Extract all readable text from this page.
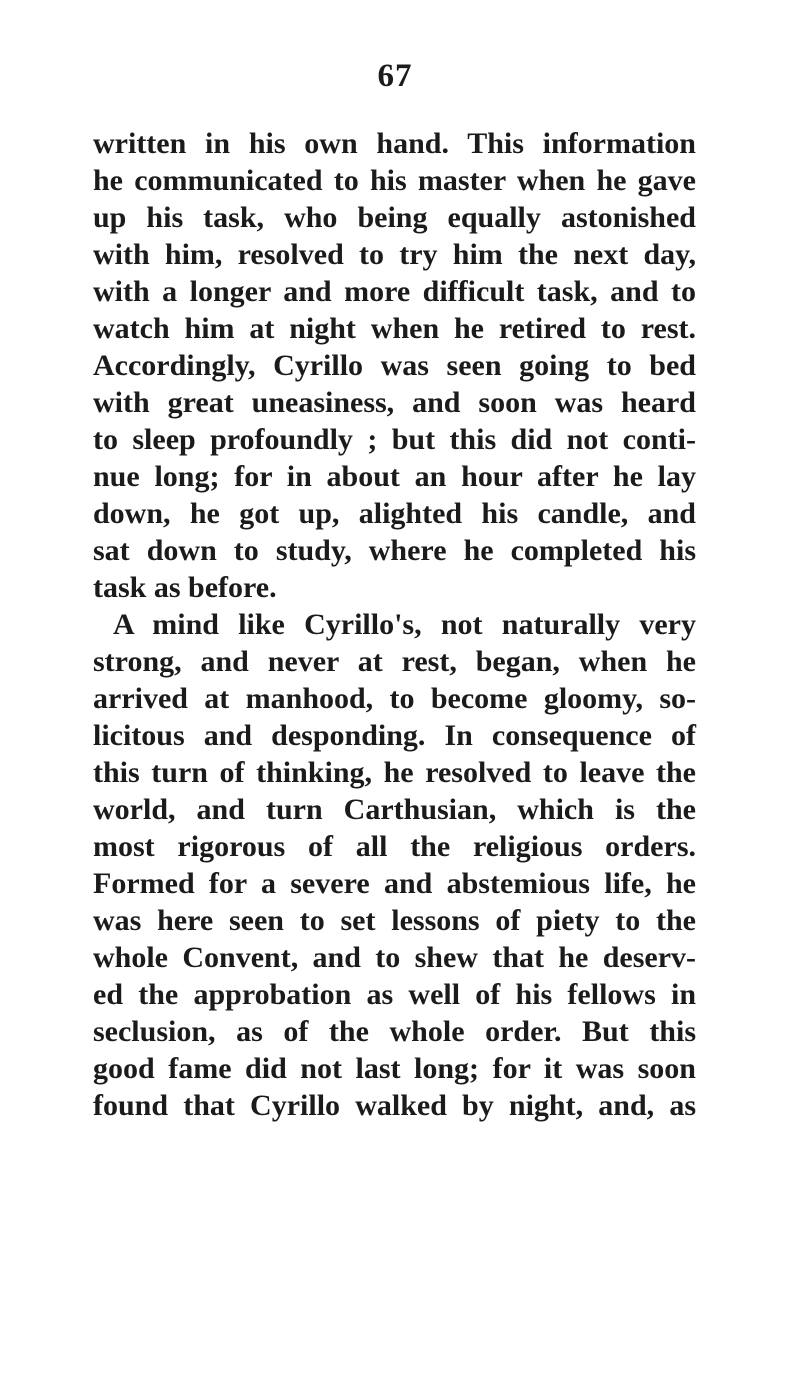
67
written in his own hand. This information
he communicated to his master when he gave
up his task, who being equally astonished
with him, resolved to try him the next day,
with a longer and more difficult task, and to
watch him at night when he retired to rest.
Accordingly, Cyrillo was seen going to bed
with great uneasiness, and soon was heard
to sleep profoundly ; but this did not conti-
nue long; for in about an hour after he lay
down, he got up, alighted his candle, and
sat down to study, where he completed his
task as before.
A mind like Cyrillo's, not naturally very
strong, and never at rest, began, when he
arrived at manhood, to become gloomy, so-
licitous and desponding. In consequence of
this turn of thinking, he resolved to leave the
world, and turn Carthusian, which is the
most rigorous of all the religious orders.
Formed for a severe and abstemious life, he
was here seen to set lessons of piety to the
whole Convent, and to shew that he deserv-
ed the approbation as well of his fellows in
seclusion, as of the whole order. But this
good fame did not last long; for it was soon
found that Cyrillo walked by night, and, as
